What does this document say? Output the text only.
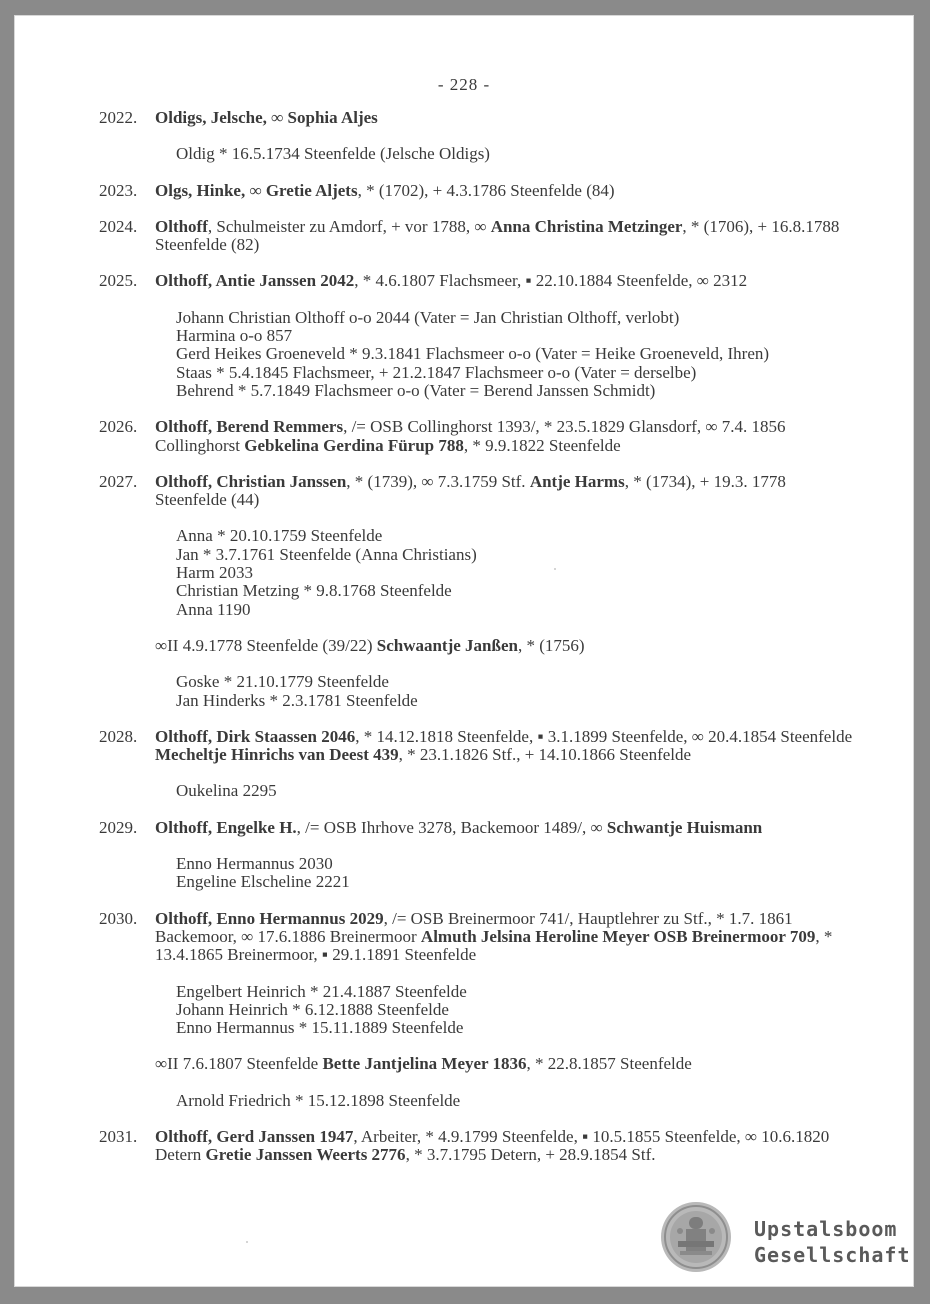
- 228 -
2022. Oldigs, Jelsche, ∞ Sophia Aljes

Oldig * 16.5.1734 Steenfelde (Jelsche Oldigs)
2023. Olgs, Hinke, ∞ Gretie Aljets, * (1702), + 4.3.1786 Steenfelde (84)

2024. Olthoff, Schulmeister zu Amdorf, + vor 1788, ∞ Anna Christina Metzinger, * (1706), + 16.8.1788 Steenfelde (82)

2025. Olthoff, Antie Janssen 2042, * 4.6.1807 Flachsmeer, ▪ 22.10.1884 Steenfelde, ∞ 2312

Johann Christian Olthoff o-o 2044 (Vater = Jan Christian Olthoff, verlobt)
Harmina o-o 857
Gerd Heikes Groeneveld * 9.3.1841 Flachsmeer o-o (Vater = Heike Groeneveld, Ihren)
Staas * 5.4.1845 Flachsmeer, + 21.2.1847 Flachsmeer o-o (Vater = derselbe)
Behrend * 5.7.1849 Flachsmeer o-o (Vater = Berend Janssen Schmidt)
2026. Olthoff, Berend Remmers, /= OSB Collinghorst 1393/, * 23.5.1829 Glansdorf, ∞ 7.4. 1856 Collinghorst Gebkelina Gerdina Fürup 788, * 9.9.1822 Steenfelde

2027. Olthoff, Christian Janssen, * (1739), ∞ 7.3.1759 Stf. Antje Harms, * (1734), + 19.3. 1778 Steenfelde (44)

Anna * 20.10.1759 Steenfelde
Jan * 3.7.1761 Steenfelde (Anna Christians)
Harm 2033
Christian Metzing * 9.8.1768 Steenfelde
Anna 1190
∞II 4.9.1778 Steenfelde (39/22) Schwaantje Janßen, * (1756)
Goske * 21.10.1779 Steenfelde
Jan Hinderks * 2.3.1781 Steenfelde
2028. Olthoff, Dirk Staassen 2046, * 14.12.1818 Steenfelde, ▪ 3.1.1899 Steenfelde, ∞ 20.4.1854 Steenfelde Mecheltje Hinrichs van Deest 439, * 23.1.1826 Stf., + 14.10.1866 Steenfelde

Oukelina 2295
2029. Olthoff, Engelke H., /= OSB Ihrhove 3278, Backemoor 1489/, ∞ Schwantje Huismann

Enno Hermannus 2030
Engeline Elscheline 2221
2030. Olthoff, Enno Hermannus 2029, /= OSB Breinermoor 741/, Hauptlehrer zu Stf., * 1.7. 1861 Backemoor, ∞ 17.6.1886 Breinermoor Almuth Jelsina Heroline Meyer OSB Breinermoor 709, * 13.4.1865 Breinermoor, ▪ 29.1.1891 Steenfelde

Engelbert Heinrich * 21.4.1887 Steenfelde
Johann Heinrich * 6.12.1888 Steenfelde
Enno Hermannus * 15.11.1889 Steenfelde
∞II 7.6.1807 Steenfelde Bette Jantjelina Meyer 1836, * 22.8.1857 Steenfelde
Arnold Friedrich * 15.12.1898 Steenfelde
2031. Olthoff, Gerd Janssen 1947, Arbeiter, * 4.9.1799 Steenfelde, ▪ 10.5.1855 Steenfelde, ∞ 10.6.1820 Detern Gretie Janssen Weerts 2776, * 3.7.1795 Detern, + 28.9.1854 Stf.

Upstalsboom
Gesellschaft
